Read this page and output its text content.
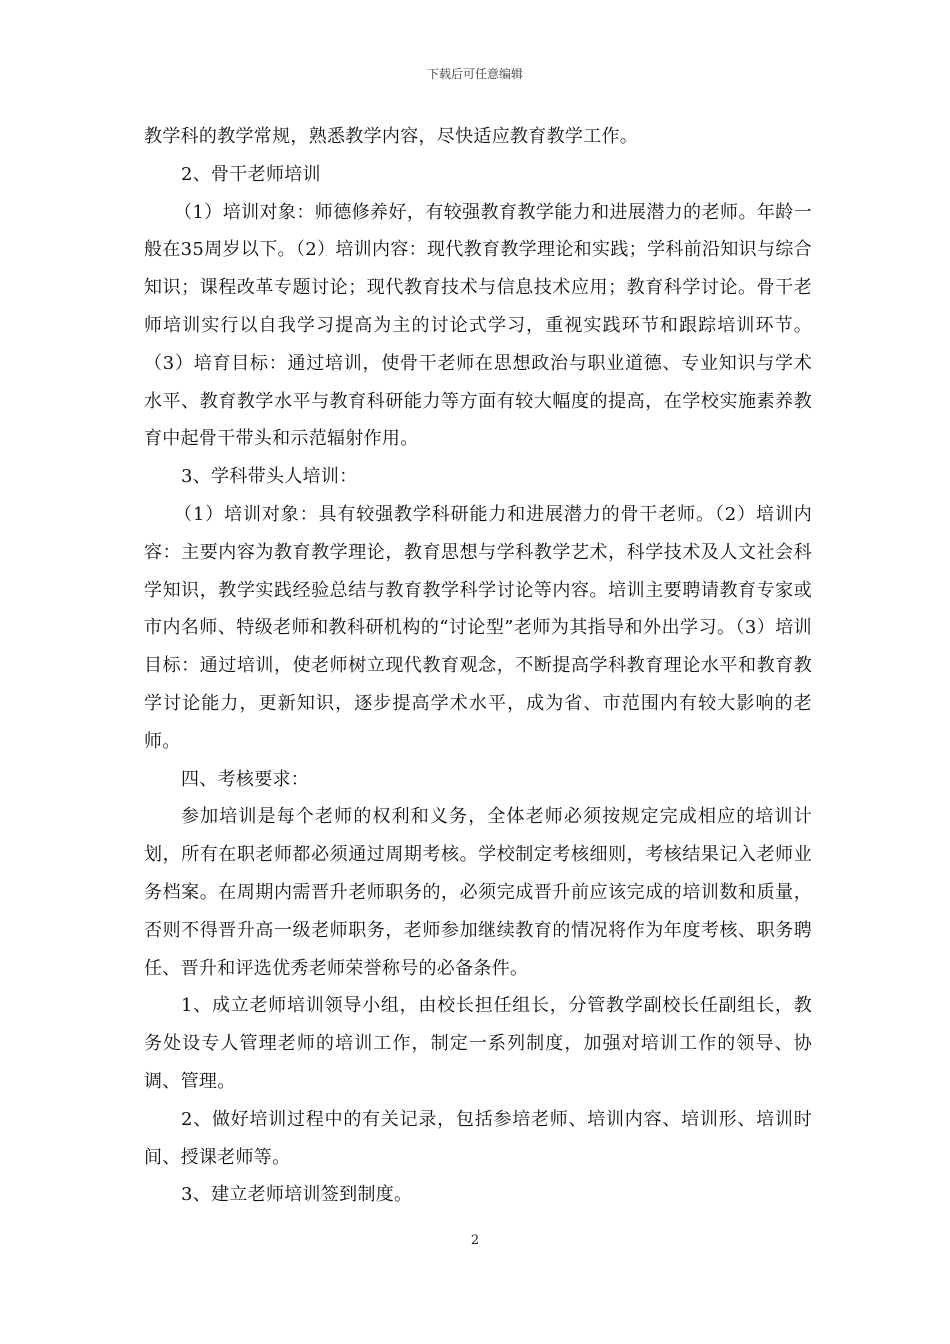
下载后可任意编辑

教学科的教学常规，熟悉教学内容，尽快适应教育教学工作。

2、骨干老师培训

（1）培训对象：师德修养好，有较强教育教学能力和进展潜力的老师。年龄一般在35周岁以下。（2）培训内容：现代教育教学理论和实践；学科前沿知识与综合知识；课程改革专题讨论；现代教育技术与信息技术应用；教育科学讨论。骨干老师培训实行以自我学习提高为主的讨论式学习，重视实践环节和跟踪培训环节。（3）培育目标：通过培训，使骨干老师在思想政治与职业道德、专业知识与学术水平、教育教学水平与教育科研能力等方面有较大幅度的提高，在学校实施素养教育中起骨干带头和示范辐射作用。

3、学科带头人培训：

（1）培训对象：具有较强教学科研能力和进展潜力的骨干老师。（2）培训内容：主要内容为教育教学理论，教育思想与学科教学艺术，科学技术及人文社会科学知识，教学实践经验总结与教育教学科学讨论等内容。培训主要聘请教育专家或市内名师、特级老师和教科研机构的“讨论型”老师为其指导和外出学习。（3）培训目标：通过培训，使老师树立现代教育观念，不断提高学科教育理论水平和教育教学讨论能力，更新知识，逐步提高学术水平，成为省、市范围内有较大影响的老师。

四、考核要求：

参加培训是每个老师的权利和义务，全体老师必须按规定完成相应的培训计划，所有在职老师都必须通过周期考核。学校制定考核细则，考核结果记入老师业务档案。在周期内需晋升老师职务的，必须完成晋升前应该完成的培训数和质量，否则不得晋升高一级老师职务，老师参加继续教育的情况将作为年度考核、职务聘任、晋升和评选优秀老师荣誉称号的必备条件。

1、成立老师培训领导小组，由校长担任组长，分管教学副校长任副组长，教务处设专人管理老师的培训工作，制定一系列制度，加强对培训工作的领导、协调、管理。

2、做好培训过程中的有关记录，包括参培老师、培训内容、培训形、培训时间、授课老师等。

3、建立老师培训签到制度。

2
